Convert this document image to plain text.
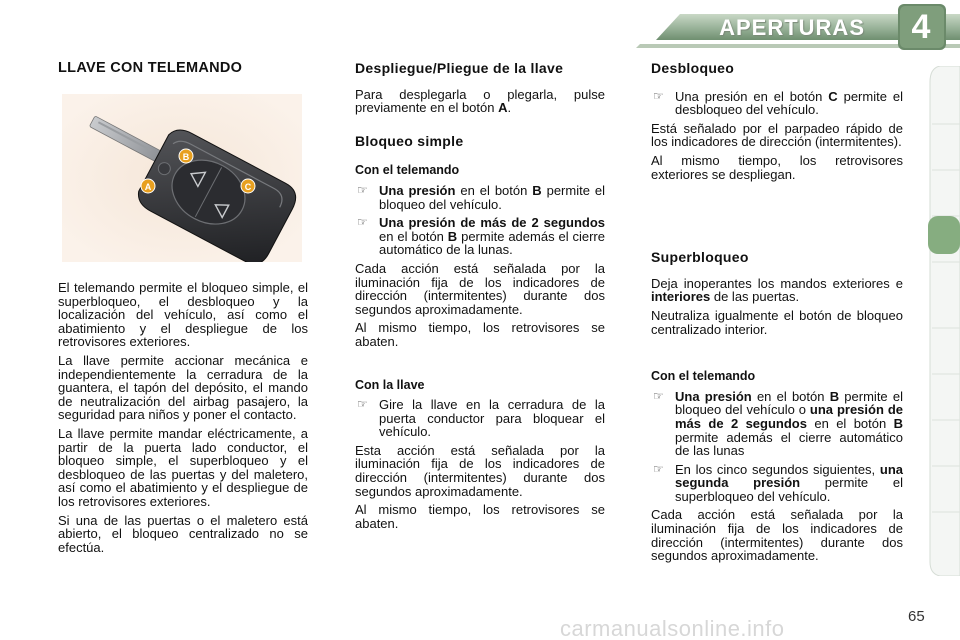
APERTURAS	4
LLAVE CON TELEMANDO
A
B
C

El telemando permite el bloqueo simple, el superbloqueo, el desbloqueo y la localización del vehículo, así como el abatimiento y el despliegue de los retrovisores exteriores.

La llave permite accionar mecánica e independientemente la cerradura de la guantera, el tapón del depósito, el mando de neutralización del airbag pasajero, la seguridad para niños y poner el contacto.

La llave permite mandar eléctricamente, a partir de la puerta lado conductor, el bloqueo simple, el superbloqueo y el desbloqueo de las puertas y del maletero, así como el abatimiento y el despliegue de los retrovisores exteriores.

Si una de las puertas o el maletero está abierto, el bloqueo centralizado no se efectúa.

Despliegue/Pliegue de la llave

Para desplegarla o plegarla, pulse previamente en el botón A.

Bloqueo simple
Con el telemando
☞ Una presión en el botón B permite el bloqueo del vehículo.
☞ Una presión de más de 2 segundos en el botón B permite además el cierre automático de la lunas.

Cada acción está señalada por la iluminación fija de los indicadores de dirección (intermitentes) durante dos segundos aproximadamente.

Al mismo tiempo, los retrovisores se abaten.

Con la llave
☞ Gire la llave en la cerradura de la puerta conductor para bloquear el vehículo.

Esta acción está señalada por la iluminación fija de los indicadores de dirección (intermitentes) durante dos segundos aproximadamente.

Al mismo tiempo, los retrovisores se abaten.

Desbloqueo
☞ Una presión en el botón C permite el desbloqueo del vehículo.

Está señalado por el parpadeo rápido de los indicadores de dirección (intermitentes).

Al mismo tiempo, los retrovisores exteriores se despliegan.

Superbloqueo

Deja inoperantes los mandos exteriores e interiores de las puertas.

Neutraliza igualmente el botón de bloqueo centralizado interior.

Con el telemando
☞ Una presión en el botón B permite el bloqueo del vehículo o una presión de más de 2 segundos en el botón B permite además el cierre automático de las lunas
☞ En los cinco segundos siguientes, una segunda presión permite el superbloqueo del vehículo.

Cada acción está señalada por la iluminación fija de los indicadores de dirección (intermitentes) durante dos segundos aproximadamente.

carmanualsonline.info	65
